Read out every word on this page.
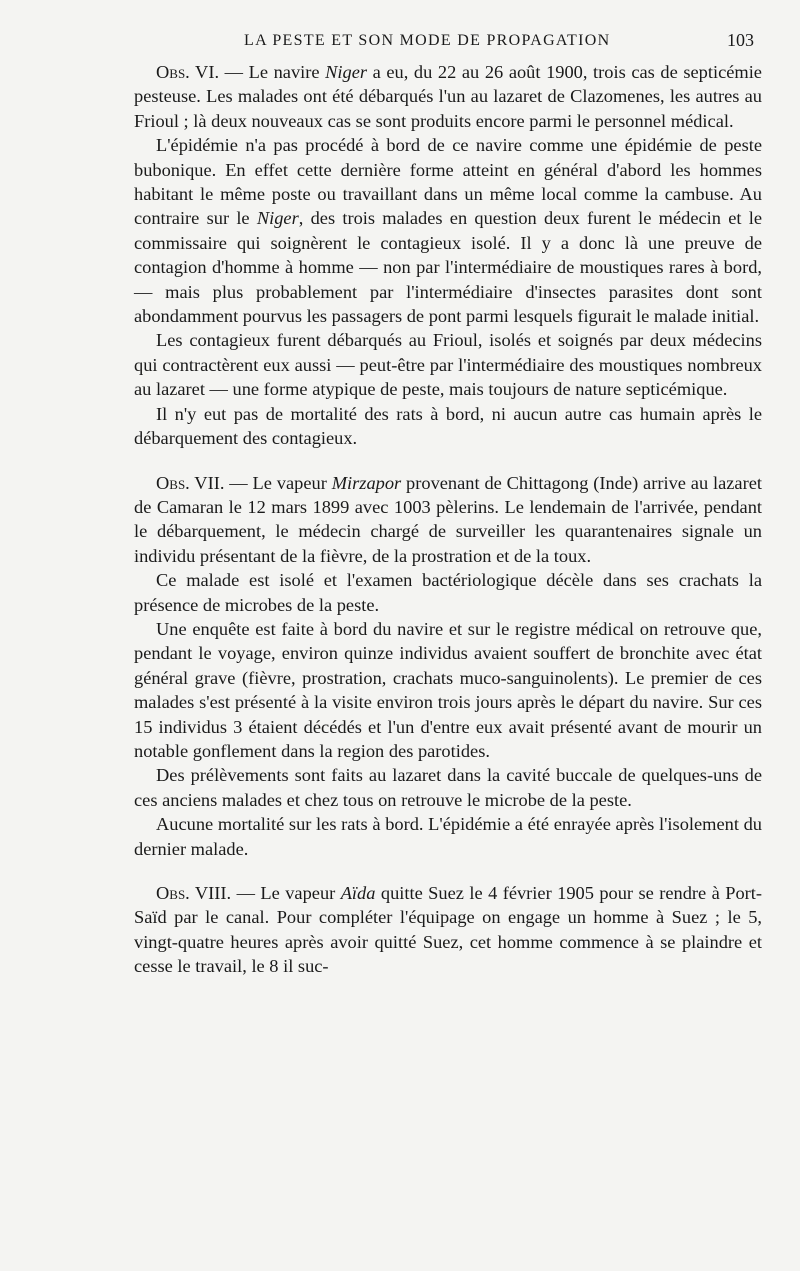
LA PESTE ET SON MODE DE PROPAGATION	103

Obs. VI. — Le navire Niger a eu, du 22 au 26 août 1900, trois cas de septicémie pesteuse. Les malades ont été débarqués l'un au lazaret de Clazomenes, les autres au Frioul ; là deux nouveaux cas se sont produits encore parmi le personnel médical.

L'épidémie n'a pas procédé à bord de ce navire comme une épidémie de peste bubonique. En effet cette dernière forme atteint en général d'abord les hommes habitant le même poste ou travaillant dans un même local comme la cambuse. Au contraire sur le Niger, des trois malades en question deux furent le médecin et le commissaire qui soignèrent le contagieux isolé. Il y a donc là une preuve de contagion d'homme à homme — non par l'intermédiaire de moustiques rares à bord, — mais plus probablement par l'intermédiaire d'insectes parasites dont sont abondamment pourvus les passagers de pont parmi lesquels figurait le malade initial.

Les contagieux furent débarqués au Frioul, isolés et soignés par deux médecins qui contractèrent eux aussi — peut-être par l'intermédiaire des moustiques nombreux au lazaret — une forme atypique de peste, mais toujours de nature septicémique.

Il n'y eut pas de mortalité des rats à bord, ni aucun autre cas humain après le débarquement des contagieux.

Obs. VII. — Le vapeur Mirzapor provenant de Chittagong (Inde) arrive au lazaret de Camaran le 12 mars 1899 avec 1003 pèlerins. Le lendemain de l'arrivée, pendant le débarquement, le médecin chargé de surveiller les quarantenaires signale un individu présentant de la fièvre, de la prostration et de la toux.

Ce malade est isolé et l'examen bactériologique décèle dans ses crachats la présence de microbes de la peste.

Une enquête est faite à bord du navire et sur le registre médical on retrouve que, pendant le voyage, environ quinze individus avaient souffert de bronchite avec état général grave (fièvre, prostration, crachats muco-sanguinolents). Le premier de ces malades s'est présenté à la visite environ trois jours après le départ du navire. Sur ces 15 individus 3 étaient décédés et l'un d'entre eux avait présenté avant de mourir un notable gonflement dans la region des parotides.

Des prélèvements sont faits au lazaret dans la cavité buccale de quelques-uns de ces anciens malades et chez tous on retrouve le microbe de la peste.

Aucune mortalité sur les rats à bord. L'épidémie a été enrayée après l'isolement du dernier malade.

Obs. VIII. — Le vapeur Aïda quitte Suez le 4 février 1905 pour se rendre à Port-Saïd par le canal. Pour compléter l'équipage on engage un homme à Suez ; le 5, vingt-quatre heures après avoir quitté Suez, cet homme commence à se plaindre et cesse le travail, le 8 il suc-
